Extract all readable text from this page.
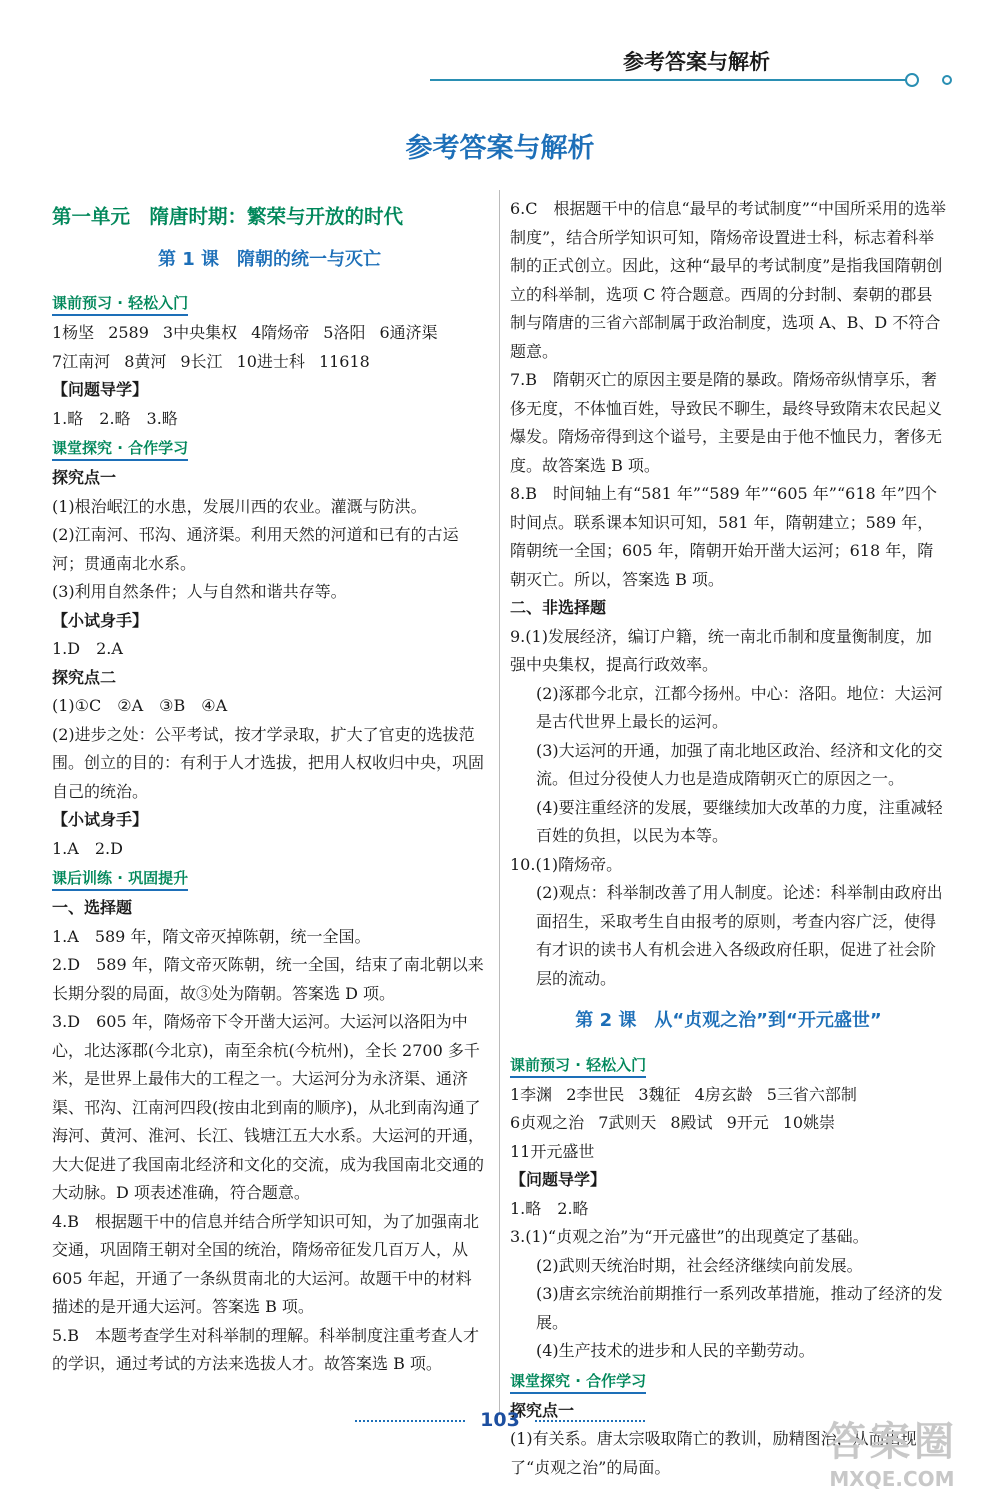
参考答案与解析
参考答案与解析
第一单元　隋唐时期：繁荣与开放的时代
第 1 课　隋朝的统一与灭亡
课前预习 · 轻松入门
1杨坚 2589 3中央集权 4隋炀帝 5洛阳 6通济渠
7江南河 8黄河 9长江 10进士科 11618

【问题导学】

1.略　2.略　3.略

课堂探究 · 合作学习

探究点一

(1)根治岷江的水患，发展川西的农业。灌溉与防洪。

(2)江南河、邗沟、通济渠。利用天然的河道和已有的古运河；贯通南北水系。

(3)利用自然条件；人与自然和谐共存等。

【小试身手】

1.D　2.A

探究点二

(1)①C　②A　③B　④A

(2)进步之处：公平考试，按才学录取，扩大了官吏的选拔范围。创立的目的：有利于人才选拔，把用人权收归中央，巩固自己的统治。

【小试身手】

1.A　2.D

课后训练 · 巩固提升

一、选择题

1.A　589 年，隋文帝灭掉陈朝，统一全国。

2.D　589 年，隋文帝灭陈朝，统一全国，结束了南北朝以来长期分裂的局面，故③处为隋朝。答案选 D 项。

3.D　605 年，隋炀帝下令开凿大运河。大运河以洛阳为中心，北达涿郡(今北京)，南至余杭(今杭州)，全长 2700 多千米，是世界上最伟大的工程之一。大运河分为永济渠、通济渠、邗沟、江南河四段(按由北到南的顺序)，从北到南沟通了海河、黄河、淮河、长江、钱塘江五大水系。大运河的开通，大大促进了我国南北经济和文化的交流，成为我国南北交通的大动脉。D 项表述准确，符合题意。

4.B　根据题干中的信息并结合所学知识可知，为了加强南北交通，巩固隋王朝对全国的统治，隋炀帝征发几百万人，从 605 年起，开通了一条纵贯南北的大运河。故题干中的材料描述的是开通大运河。答案选 B 项。

5.B　本题考查学生对科举制的理解。科举制度注重考查人才的学识，通过考试的方法来选拔人才。故答案选 B 项。

6.C　根据题干中的信息“最早的考试制度”“中国所采用的选举制度”，结合所学知识可知，隋炀帝设置进士科，标志着科举制的正式创立。因此，这种“最早的考试制度”是指我国隋朝创立的科举制，选项 C 符合题意。西周的分封制、秦朝的郡县制与隋唐的三省六部制属于政治制度，选项 A、B、D 不符合题意。

7.B　隋朝灭亡的原因主要是隋的暴政。隋炀帝纵情享乐，奢侈无度，不体恤百姓，导致民不聊生，最终导致隋末农民起义爆发。隋炀帝得到这个谥号，主要是由于他不恤民力，奢侈无度。故答案选 B 项。

8.B　时间轴上有“581 年”“589 年”“605 年”“618 年”四个时间点。联系课本知识可知，581 年，隋朝建立；589 年，隋朝统一全国；605 年，隋朝开始开凿大运河；618 年，隋朝灭亡。所以，答案选 B 项。

二、非选择题

9.(1)发展经济，编订户籍，统一南北币制和度量衡制度，加强中央集权，提高行政效率。

(2)涿郡今北京，江都今扬州。中心：洛阳。地位：大运河是古代世界上最长的运河。

(3)大运河的开通，加强了南北地区政治、经济和文化的交流。但过分役使人力也是造成隋朝灭亡的原因之一。

(4)要注重经济的发展，要继续加大改革的力度，注重减轻百姓的负担，以民为本等。

10.(1)隋炀帝。

(2)观点：科举制改善了用人制度。论述：科举制由政府出面招生，采取考生自由报考的原则，考查内容广泛，使得有才识的读书人有机会进入各级政府任职，促进了社会阶层的流动。

第 2 课　从“贞观之治”到“开元盛世”
课前预习 · 轻松入门
1李渊 2李世民 3魏征 4房玄龄 5三省六部制
6贞观之治 7武则天 8殿试 9开元 10姚崇
11开元盛世

【问题导学】

1.略　2.略

3.(1)“贞观之治”为“开元盛世”的出现奠定了基础。

(2)武则天统治时期，社会经济继续向前发展。

(3)唐玄宗统治前期推行一系列改革措施，推动了经济的发展。

(4)生产技术的进步和人民的辛勤劳动。

课堂探究 · 合作学习

探究点一

(1)有关系。唐太宗吸取隋亡的教训，励精图治，从而出现了“贞观之治”的局面。

103	答案圈
MXQE.COM
